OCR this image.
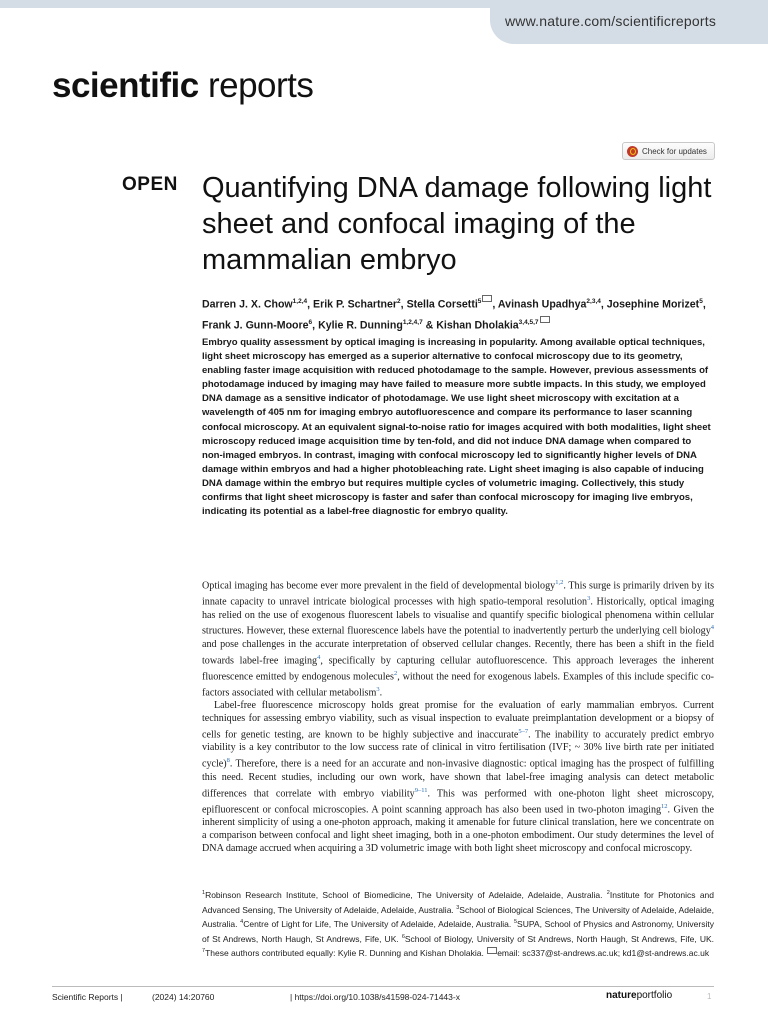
www.nature.com/scientificreports
scientific reports
Check for updates
OPEN Quantifying DNA damage following light sheet and confocal imaging of the mammalian embryo
Darren J. X. Chow$^{1,2,4}$, Erik P. Schartner$^2$, Stella Corsetti$^5$ , Avinash Upadhya$^{2,3,4}$, Josephine Morizet$^5$, Frank J. Gunn-Moore$^6$, Kylie R. Dunning$^{1,2,4,7}$ & Kishan Dholakia$^{3,4,5,7}$

Embryo quality assessment by optical imaging is increasing in popularity. Among available optical techniques, light sheet microscopy has emerged as a superior alternative to confocal microscopy due to its geometry, enabling faster image acquisition with reduced photodamage to the sample. However, previous assessments of photodamage induced by imaging may have failed to measure more subtle impacts. In this study, we employed DNA damage as a sensitive indicator of photodamage. We use light sheet microscopy with excitation at a wavelength of 405 nm for imaging embryo autofluorescence and compare its performance to laser scanning confocal microscopy. At an equivalent signal-to-noise ratio for images acquired with both modalities, light sheet microscopy reduced image acquisition time by ten-fold, and did not induce DNA damage when compared to non-imaged embryos. In contrast, imaging with confocal microscopy led to significantly higher levels of DNA damage within embryos and had a higher photobleaching rate. Light sheet imaging is also capable of inducing DNA damage within the embryo but requires multiple cycles of volumetric imaging. Collectively, this study confirms that light sheet microscopy is faster and safer than confocal microscopy for imaging live embryos, indicating its potential as a label-free diagnostic for embryo quality.

Optical imaging has become ever more prevalent in the field of developmental biology$^{1,2}$. This surge is primarily driven by its innate capacity to unravel intricate biological processes with high spatio-temporal resolution$^3$. Historically, optical imaging has relied on the use of exogenous fluorescent labels to visualise and quantify specific biological phenomena within cellular structures. However, these external fluorescence labels have the potential to inadvertently perturb the underlying cell biology$^4$ and pose challenges in the accurate interpretation of observed cellular changes. Recently, there has been a shift in the field towards label-free imaging$^4$, specifically by capturing cellular autofluorescence. This approach leverages the inherent fluorescence emitted by endogenous molecules$^2$, without the need for exogenous labels. Examples of this include specific co-factors associated with cellular metabolism$^3$.

Label-free fluorescence microscopy holds great promise for the evaluation of early mammalian embryos. Current techniques for assessing embryo viability, such as visual inspection to evaluate preimplantation development or a biopsy of cells for genetic testing, are known to be highly subjective and inaccurate$^{5-7}$. The inability to accurately predict embryo viability is a key contributor to the low success rate of clinical in vitro fertilisation (IVF; ~ 30% live birth rate per initiated cycle)$^8$. Therefore, there is a need for an accurate and non-invasive diagnostic: optical imaging has the prospect of fulfilling this need. Recent studies, including our own work, have shown that label-free imaging analysis can detect metabolic differences that correlate with embryo viability$^{9-11}$. This was performed with one-photon light sheet microscopy, epifluorescent or confocal microscopies. A point scanning approach has also been used in two-photon imaging$^{12}$. Given the inherent simplicity of using a one-photon approach, making it amenable for future clinical translation, here we concentrate on a comparison between confocal and light sheet imaging, both in a one-photon embodiment. Our study determines the level of DNA damage accrued when acquiring a 3D volumetric image with both light sheet microscopy and confocal microscopy.

$^1$Robinson Research Institute, School of Biomedicine, The University of Adelaide, Adelaide, Australia. $^2$Institute for Photonics and Advanced Sensing, The University of Adelaide, Adelaide, Australia. $^3$School of Biological Sciences, The University of Adelaide, Adelaide, Australia. $^4$Centre of Light for Life, The University of Adelaide, Adelaide, Australia. $^5$SUPA, School of Physics and Astronomy, University of St Andrews, North Haugh, St Andrews, Fife, UK. $^6$School of Biology, University of St Andrews, North Haugh, St Andrews, Fife, UK. $^7$These authors contributed equally: Kylie R. Dunning and Kishan Dholakia. email: sc337@st-andrews.ac.uk; kd1@st-andrews.ac.uk
Scientific Reports |	(2024) 14:20760	| https://doi.org/10.1038/s41598-024-71443-x	natureportfolio	1
